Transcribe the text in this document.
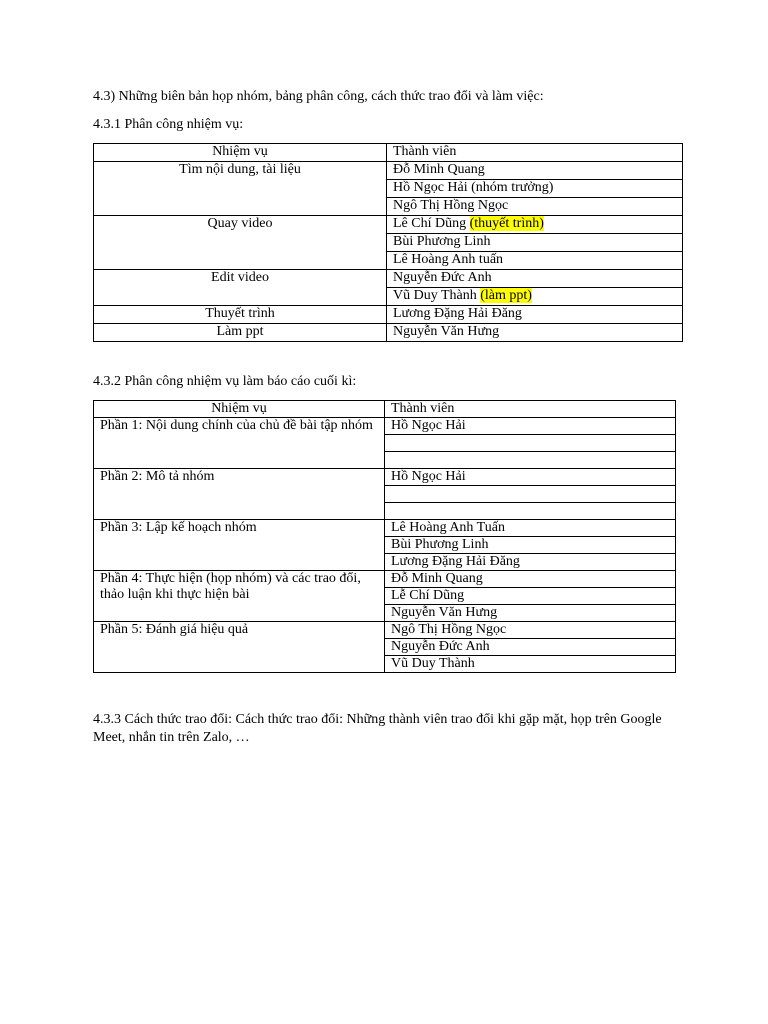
4.3) Những biên bản họp nhóm, bảng phân công, cách thức trao đổi và làm việc:
4.3.1 Phân công nhiệm vụ:
Nhiệm vụ	Thành viên
Tìm nội dung, tài liệu	Đỗ Minh Quang
	Hồ Ngọc Hải (nhóm trưởng)
	Ngô Thị Hồng Ngọc
Quay video	Lê Chí Dũng (thuyết trình)
	Bùi Phương Linh
	Lê Hoàng Anh tuấn
Edit video	Nguyễn Đức Anh
	Vũ Duy Thành (làm ppt)
Thuyết trình	Lương Đặng Hải Đăng
Làm ppt	Nguyễn Văn Hưng
4.3.2 Phân công nhiệm vụ làm báo cáo cuối kì:
Nhiệm vụ	Thành viên
Phần 1: Nội dung chính của chủ đề bài tập nhóm	Hồ Ngọc Hải

Phần 2: Mô tả nhóm	Hồ Ngọc Hải

Phần 3: Lập kế hoạch nhóm	Lê Hoàng Anh Tuấn
	Bùi Phương Linh
	Lương Đặng Hải Đăng
Phần 4: Thực hiện (họp nhóm) và các trao đổi, thảo luận khi thực hiện bài	Đỗ Minh Quang
	Lễ Chí Dũng
	Nguyễn Văn Hưng
Phần 5: Đánh giá hiệu quả	Ngô Thị Hồng Ngọc
	Nguyễn Đức Anh
	Vũ Duy Thành
4.3.3 Cách thức trao đổi: Cách thức trao đổi: Những thành viên trao đổi khi gặp mặt, họp trên Google Meet, nhắn tin trên Zalo, …
